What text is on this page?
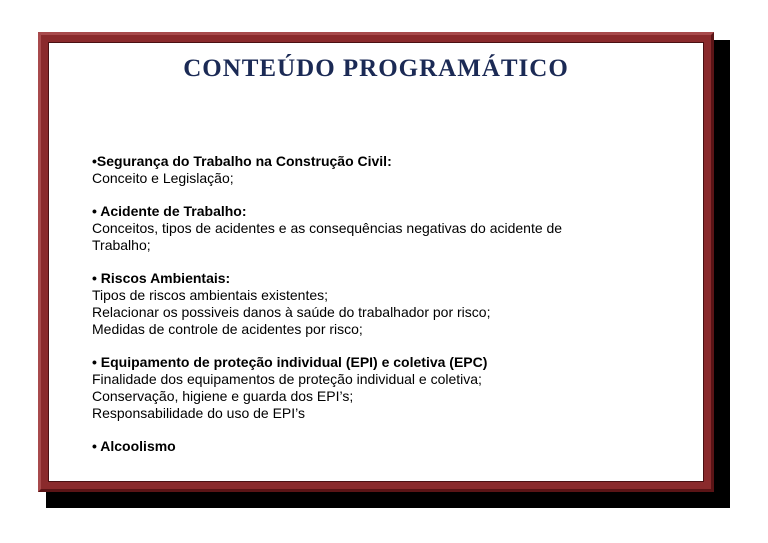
CONTEÚDO PROGRAMÁTICO
•Segurança do Trabalho na Construção Civil:
Conceito e Legislação;
• Acidente de Trabalho:
Conceitos, tipos de acidentes e as consequências negativas do acidente de
Trabalho;
• Riscos Ambientais:
Tipos de riscos ambientais existentes;
Relacionar os possiveis danos à saúde do trabalhador por risco;
Medidas de controle de acidentes por risco;
• Equipamento de proteção individual (EPI) e coletiva (EPC)
Finalidade dos equipamentos de proteção individual e coletiva;
Conservação, higiene e guarda dos EPI’s;
Responsabilidade do uso de EPI’s
• Alcoolismo
